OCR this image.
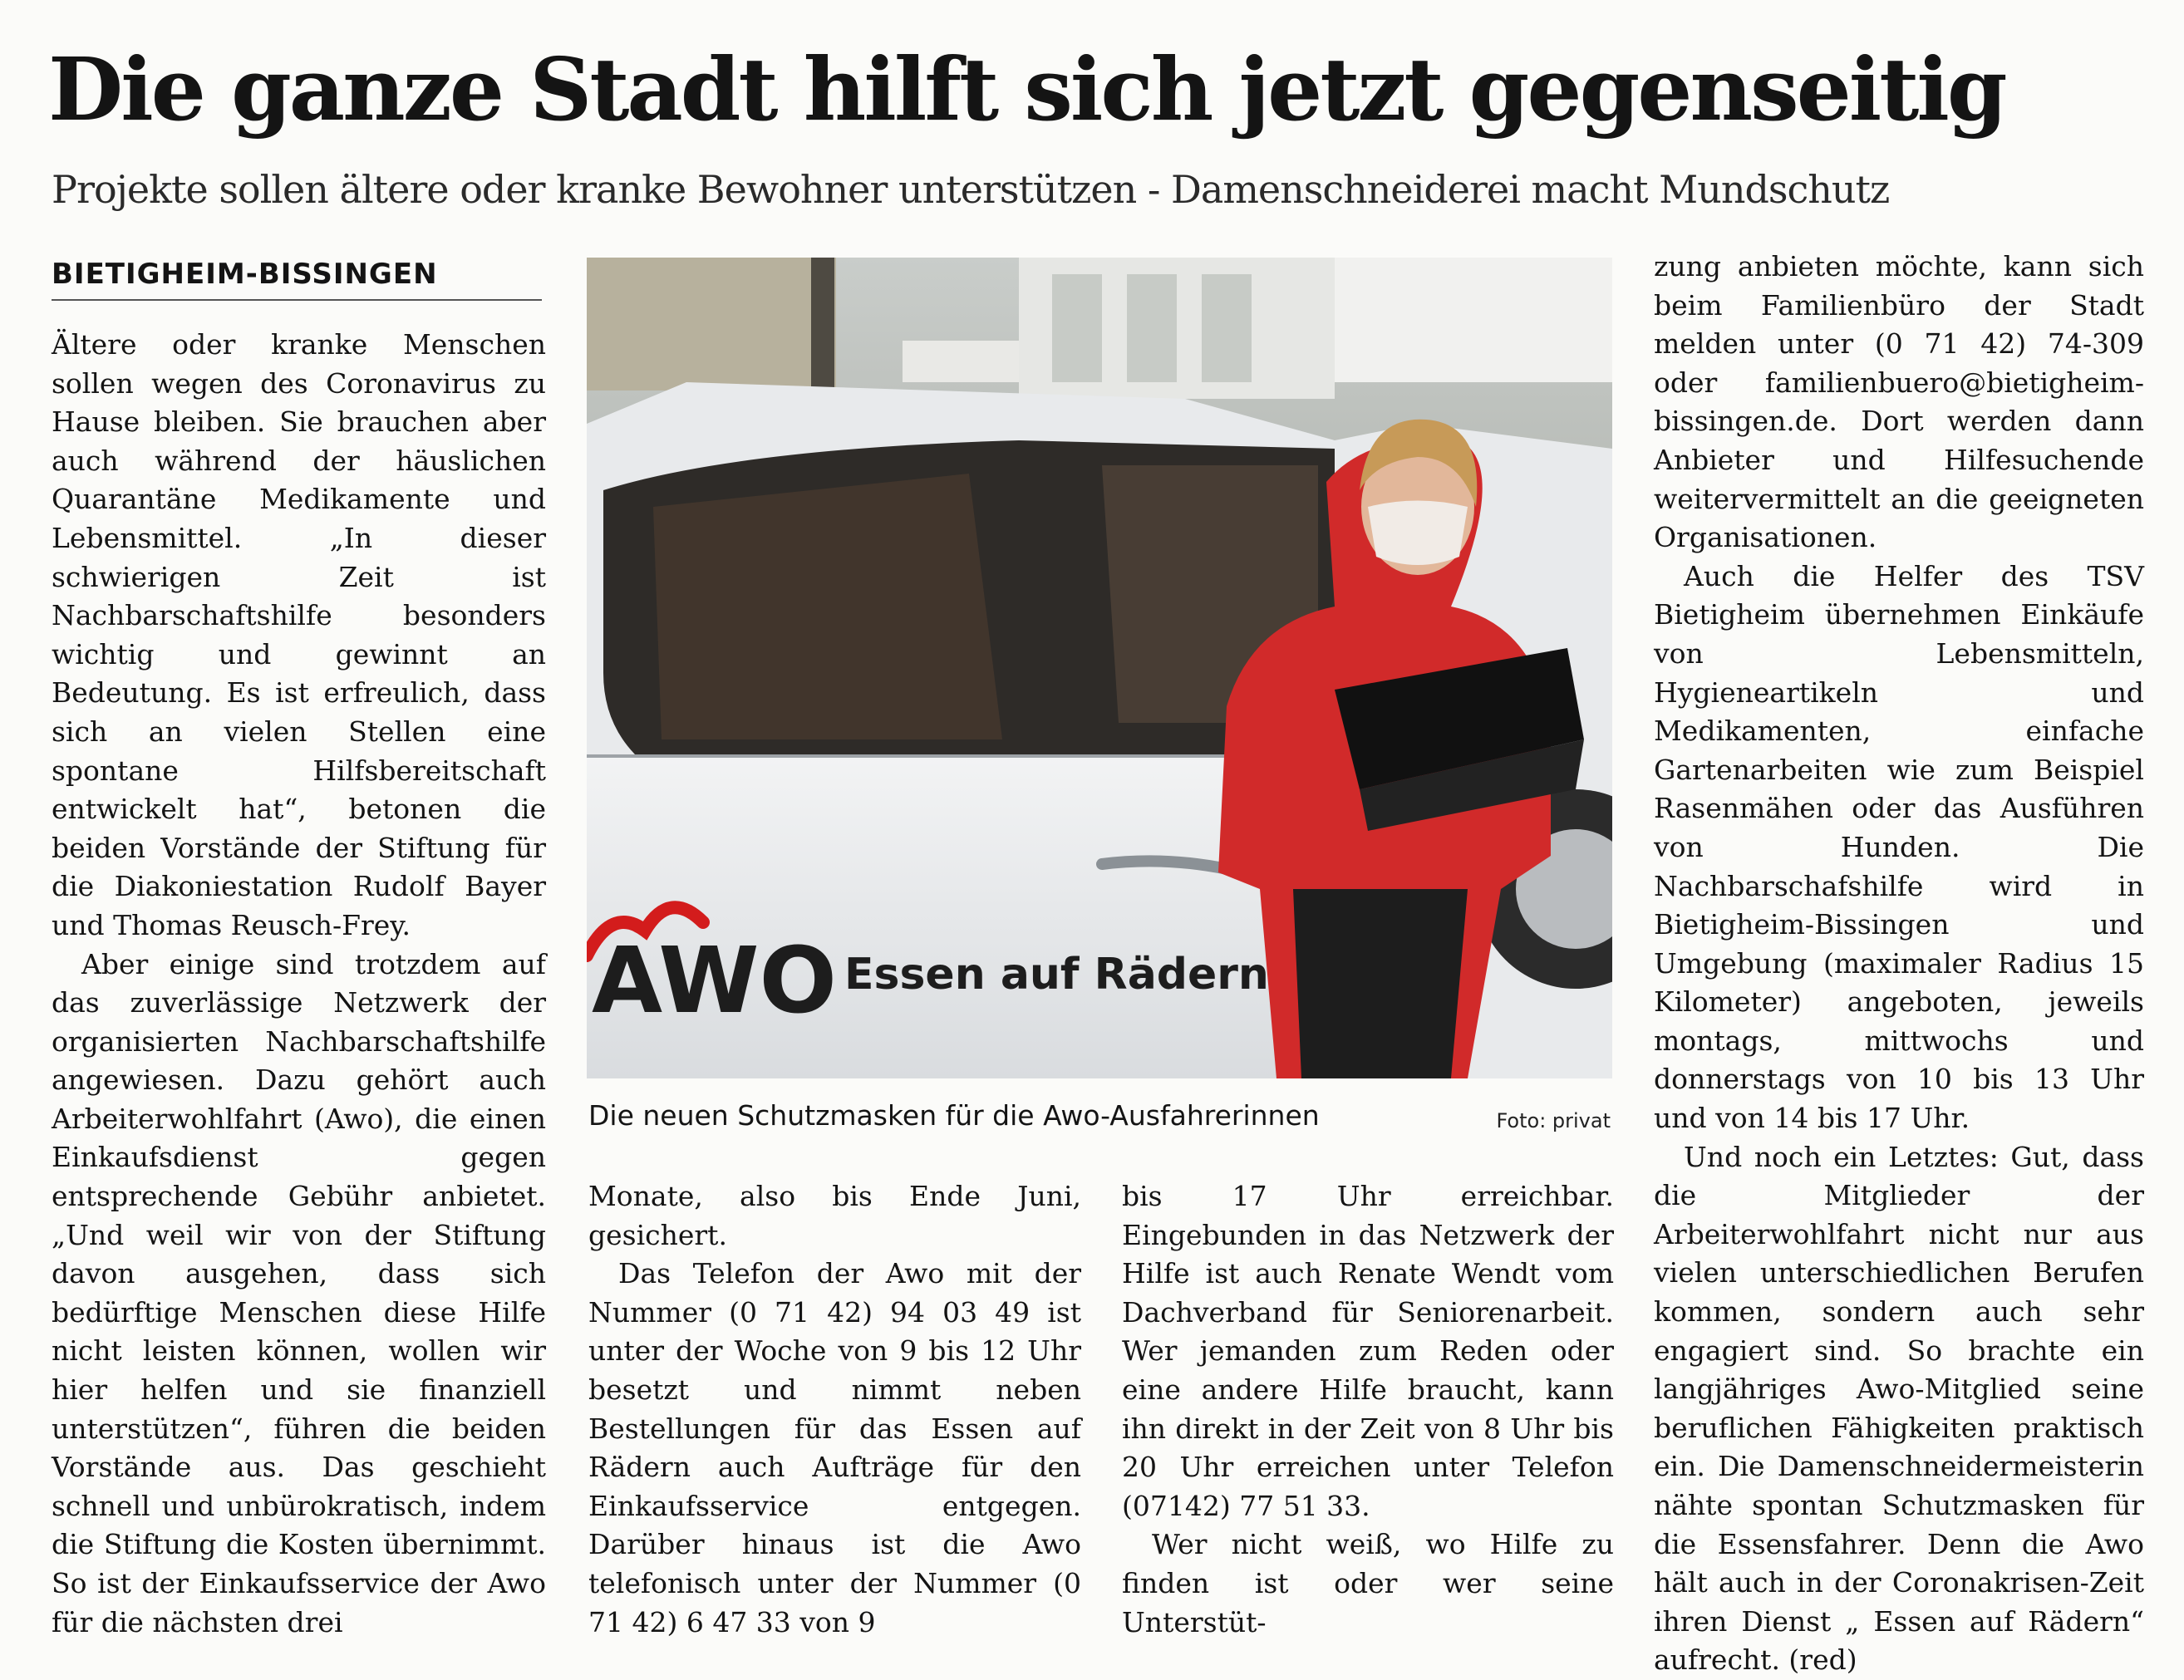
Die ganze Stadt hilft sich jetzt gegenseitig
Projekte sollen ältere oder kranke Bewohner unterstützen - Damenschneiderei macht Mundschutz
BIETIGHEIM-BISSINGEN

Ältere oder kranke Menschen sollen wegen des Coronavirus zu Hause bleiben. Sie brauchen aber auch während der häuslichen Quarantäne Medikamente und Lebensmittel. „In dieser schwierigen Zeit ist Nachbarschaftshilfe besonders wichtig und gewinnt an Bedeutung. Es ist erfreulich, dass sich an vielen Stellen eine spontane Hilfsbereitschaft entwickelt hat“, betonen die beiden Vorstände der Stiftung für die Diakoniestation Rudolf Bayer und Thomas Reusch-Frey.

Aber einige sind trotzdem auf das zuverlässige Netzwerk der organisierten Nachbarschaftshilfe angewiesen. Dazu gehört auch Arbeiterwohlfahrt (Awo), die einen Einkaufsdienst gegen entsprechende Gebühr anbietet. „Und weil wir von der Stiftung davon ausgehen, dass sich bedürftige Menschen diese Hilfe nicht leisten können, wollen wir hier helfen und sie finanziell unterstützen“, führen die beiden Vorstände aus. Das geschieht schnell und unbürokratisch, indem die Stiftung die Kosten übernimmt. So ist der Einkaufsservice der Awo für die nächsten drei

AWO Essen auf Rädern
Die neuen Schutzmasken für die Awo-Ausfahrerinnen	Foto: privat

Monate, also bis Ende Juni, gesichert.

Das Telefon der Awo mit der Nummer (0 71 42) 94 03 49 ist unter der Woche von 9 bis 12 Uhr besetzt und nimmt neben Bestellungen für das Essen auf Rädern auch Aufträge für den Einkaufsservice entgegen. Darüber hinaus ist die Awo telefonisch unter der Nummer (0 71 42) 6 47 33 von 9

bis 17 Uhr erreichbar. Eingebunden in das Netzwerk der Hilfe ist auch Renate Wendt vom Dachverband für Seniorenarbeit. Wer jemanden zum Reden oder eine andere Hilfe braucht, kann ihn direkt in der Zeit von 8 Uhr bis 20 Uhr erreichen unter Telefon (07142) 77 51 33.

Wer nicht weiß, wo Hilfe zu finden ist oder wer seine Unterstüt-

zung anbieten möchte, kann sich beim Familienbüro der Stadt melden unter (0 71 42) 74-309 oder familienbuero@bietigheim-bissingen.de. Dort werden dann Anbieter und Hilfesuchende weitervermittelt an die geeigneten Organisationen.

Auch die Helfer des TSV Bietigheim übernehmen Einkäufe von Lebensmitteln, Hygieneartikeln und Medikamenten, einfache Gartenarbeiten wie zum Beispiel Rasenmähen oder das Ausführen von Hunden. Die Nachbarschafshilfe wird in Bietigheim-Bissingen und Umgebung (maximaler Radius 15 Kilometer) angeboten, jeweils montags, mittwochs und donnerstags von 10 bis 13 Uhr und von 14 bis 17 Uhr.

Und noch ein Letztes: Gut, dass die Mitglieder der Arbeiterwohlfahrt nicht nur aus vielen unterschiedlichen Berufen kommen, sondern auch sehr engagiert sind. So brachte ein langjähriges Awo-Mitglied seine beruflichen Fähigkeiten praktisch ein. Die Damenschneidermeisterin nähte spontan Schutzmasken für die Essensfahrer. Denn die Awo hält auch in der Coronakrisen-Zeit ihren Dienst „ Essen auf Rädern“ aufrecht. (red)
